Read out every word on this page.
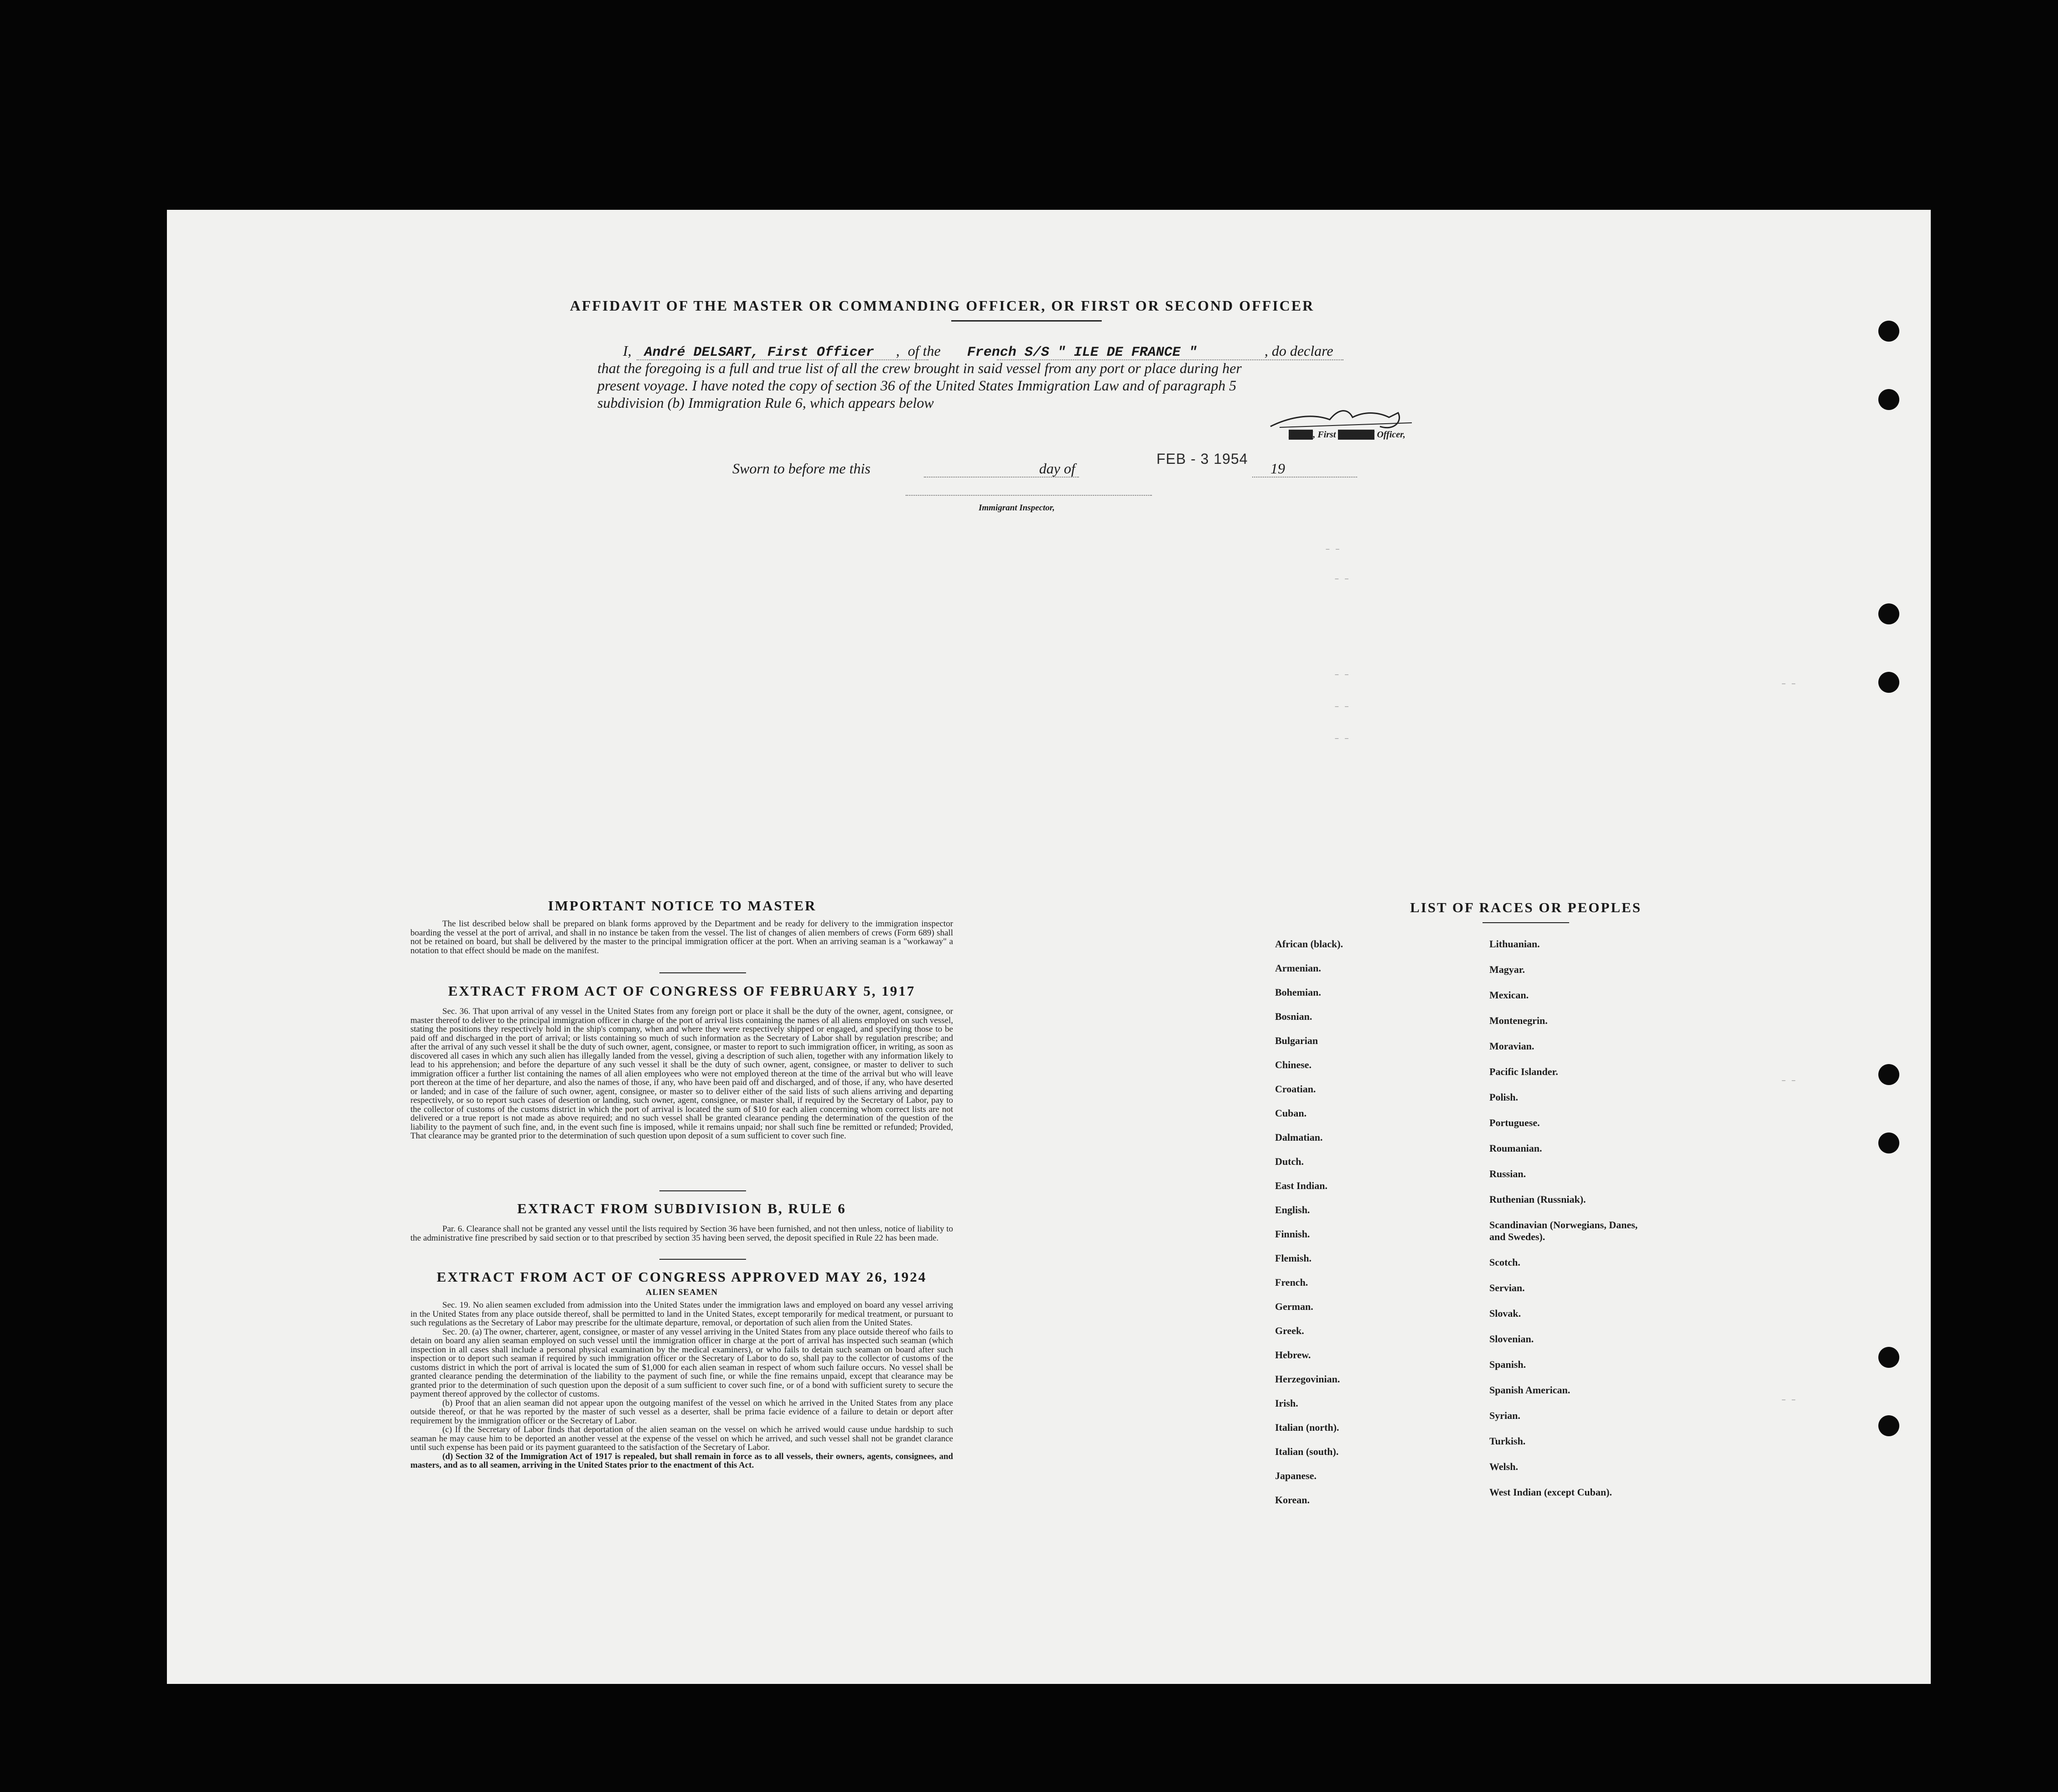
– –
– –
– –
– –
– –
– –
– –
– –
AFFIDAVIT OF THE MASTER OR COMMANDING OFFICER, OR FIRST OR SECOND OFFICER
I, André DELSART, First Officer , of the French S/S " ILE DE FRANCE "	, do declare
that the foregoing is a full and true list of all the crew brought in said vessel from any port or place during her
present voyage. I have noted the copy of section 36 of the United States Immigration Law and of paragraph 5
subdivision (b) Immigration Rule 6, which appears below
XXXX, First XXXXXX Officer,
Sworn to before me this	day of
FEB - 3 1954
19
Immigrant Inspector,
IMPORTANT NOTICE TO MASTER

The list described below shall be prepared on blank forms approved by the Department and be ready for delivery to the immigration inspector boarding the vessel at the port of arrival, and shall in no instance be taken from the vessel. The list of changes of alien members of crews (Form 689) shall not be retained on board, but shall be delivered by the master to the principal immigration officer at the port. When an arriving seaman is a "workaway" a notation to that effect should be made on the manifest.

EXTRACT FROM ACT OF CONGRESS OF FEBRUARY 5, 1917

Sec. 36. That upon arrival of any vessel in the United States from any foreign port or place it shall be the duty of the owner, agent, consignee, or master thereof to deliver to the principal immigration officer in charge of the port of arrival lists containing the names of all aliens employed on such vessel, stating the positions they respectively hold in the ship's company, when and where they were respectively shipped or engaged, and specifying those to be paid off and discharged in the port of arrival; or lists containing so much of such information as the Secretary of Labor shall by regulation prescribe; and after the arrival of any such vessel it shall be the duty of such owner, agent, consignee, or master to report to such immigration officer, in writing, as soon as discovered all cases in which any such alien has illegally landed from the vessel, giving a description of such alien, together with any information likely to lead to his apprehension; and before the departure of any such vessel it shall be the duty of such owner, agent, consignee, or master to deliver to such immigration officer a further list containing the names of all alien employees who were not employed thereon at the time of the arrival but who will leave port thereon at the time of her departure, and also the names of those, if any, who have been paid off and discharged, and of those, if any, who have deserted or landed; and in case of the failure of such owner, agent, consignee, or master so to deliver either of the said lists of such aliens arriving and departing respectively, or so to report such cases of desertion or landing, such owner, agent, consignee, or master shall, if required by the Secretary of Labor, pay to the collector of customs of the customs district in which the port of arrival is located the sum of $10 for each alien concerning whom correct lists are not delivered or a true report is not made as above required; and no such vessel shall be granted clearance pending the determination of the question of the liability to the payment of such fine, and, in the event such fine is imposed, while it remains unpaid; nor shall such fine be remitted or refunded; Provided, That clearance may be granted prior to the determination of such question upon deposit of a sum sufficient to cover such fine.

EXTRACT FROM SUBDIVISION B, RULE 6

Par. 6. Clearance shall not be granted any vessel until the lists required by Section 36 have been furnished, and not then unless, notice of liability to the administrative fine prescribed by said section or to that prescribed by section 35 having been served, the deposit specified in Rule 22 has been made.

EXTRACT FROM ACT OF CONGRESS APPROVED MAY 26, 1924
ALIEN SEAMEN

Sec. 19. No alien seamen excluded from admission into the United States under the immigration laws and employed on board any vessel arriving in the United States from any place outside thereof, shall be permitted to land in the United States, except temporarily for medical treatment, or pursuant to such regulations as the Secretary of Labor may prescribe for the ultimate departure, removal, or deportation of such alien from the United States.

Sec. 20. (a) The owner, charterer, agent, consignee, or master of any vessel arriving in the United States from any place outside thereof who fails to detain on board any alien seaman employed on such vessel until the immigration officer in charge at the port of arrival has inspected such seaman (which inspection in all cases shall include a personal physical examination by the medical examiners), or who fails to detain such seaman on board after such inspection or to deport such seaman if required by such immigration officer or the Secretary of Labor to do so, shall pay to the collector of customs of the customs district in which the port of arrival is located the sum of $1,000 for each alien seaman in respect of whom such failure occurs. No vessel shall be granted clearance pending the determination of the liability to the payment of such fine, or while the fine remains unpaid, except that clearance may be granted prior to the determination of such question upon the deposit of a sum sufficient to cover such fine, or of a bond with sufficient surety to secure the payment thereof approved by the collector of customs.

(b) Proof that an alien seaman did not appear upon the outgoing manifest of the vessel on which he arrived in the United States from any place outside thereof, or that he was reported by the master of such vessel as a deserter, shall be prima facie evidence of a failure to detain or deport after requirement by the immigration officer or the Secretary of Labor.

(c) If the Secretary of Labor finds that deportation of the alien seaman on the vessel on which he arrived would cause undue hardship to such seaman he may cause him to be deported an another vessel at the expense of the vessel on which he arrived, and such vessel shall not be grandet clarance until such expense has been paid or its payment guaranteed to the satisfaction of the Secretary of Labor.

(d) Section 32 of the Immigration Act of 1917 is repealed, but shall remain in force as to all vessels, their owners, agents, consignees, and masters, and as to all seamen, arriving in the United States prior to the enactment of this Act.

LIST OF RACES OR PEOPLES
African (black).
Armenian.
Bohemian.
Bosnian.
Bulgarian
Chinese.
Croatian.
Cuban.
Dalmatian.
Dutch.
East Indian.
English.
Finnish.
Flemish.
French.
German.
Greek.
Hebrew.
Herzegovinian.
Irish.
Italian (north).
Italian (south).
Japanese.
Korean.
Lithuanian.
Magyar.
Mexican.
Montenegrin.
Moravian.
Pacific Islander.
Polish.
Portuguese.
Roumanian.
Russian.
Ruthenian (Russniak).
Scandinavian (Norwegians, Danes, and Swedes).
Scotch.
Servian.
Slovak.
Slovenian.
Spanish.
Spanish American.
Syrian.
Turkish.
Welsh.
West Indian (except Cuban).
